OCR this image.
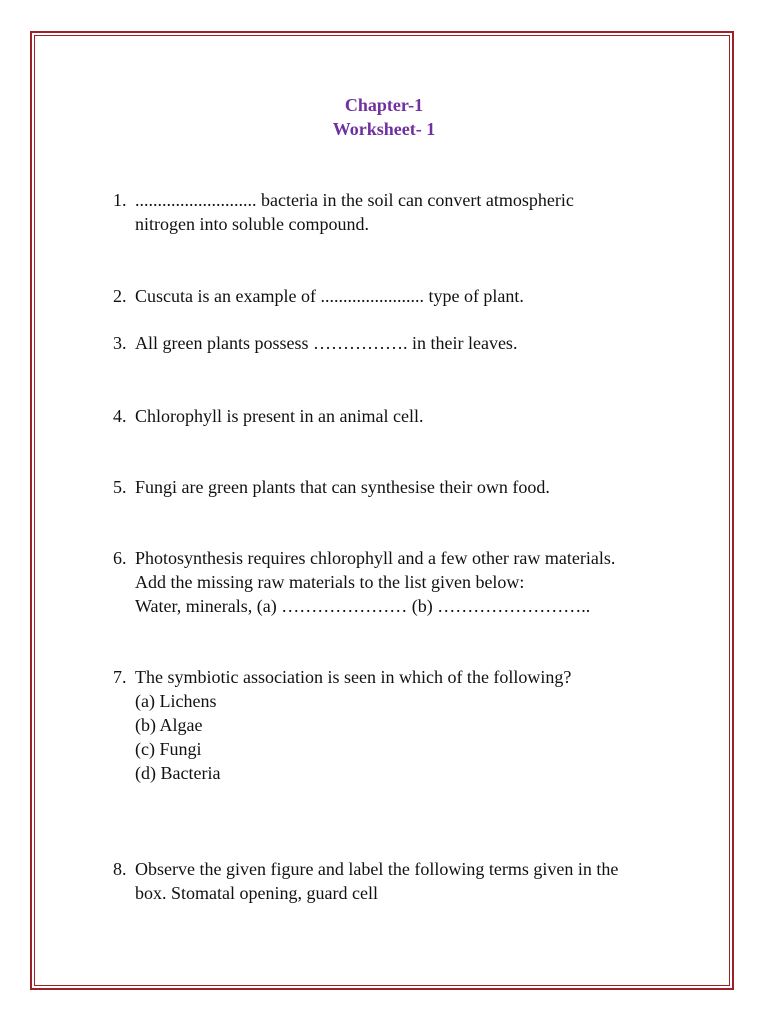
Chapter-1
Worksheet- 1
1. ........................... bacteria in the soil can convert atmospheric
nitrogen into soluble compound.
2. Cuscuta is an example of ....................... type of plant.
3. All green plants possess ……………. in their leaves.
4. Chlorophyll is present in an animal cell.
5. Fungi are green plants that can synthesise their own food.
6. Photosynthesis requires chlorophyll and a few other raw materials.
Add the missing raw materials to the list given below:
Water, minerals, (a) ………………… (b) ……………………..
7. The symbiotic association is seen in which of the following?
(a) Lichens
(b) Algae
(c) Fungi
(d) Bacteria
8. Observe the given figure and label the following terms given in the
box. Stomatal opening, guard cell
